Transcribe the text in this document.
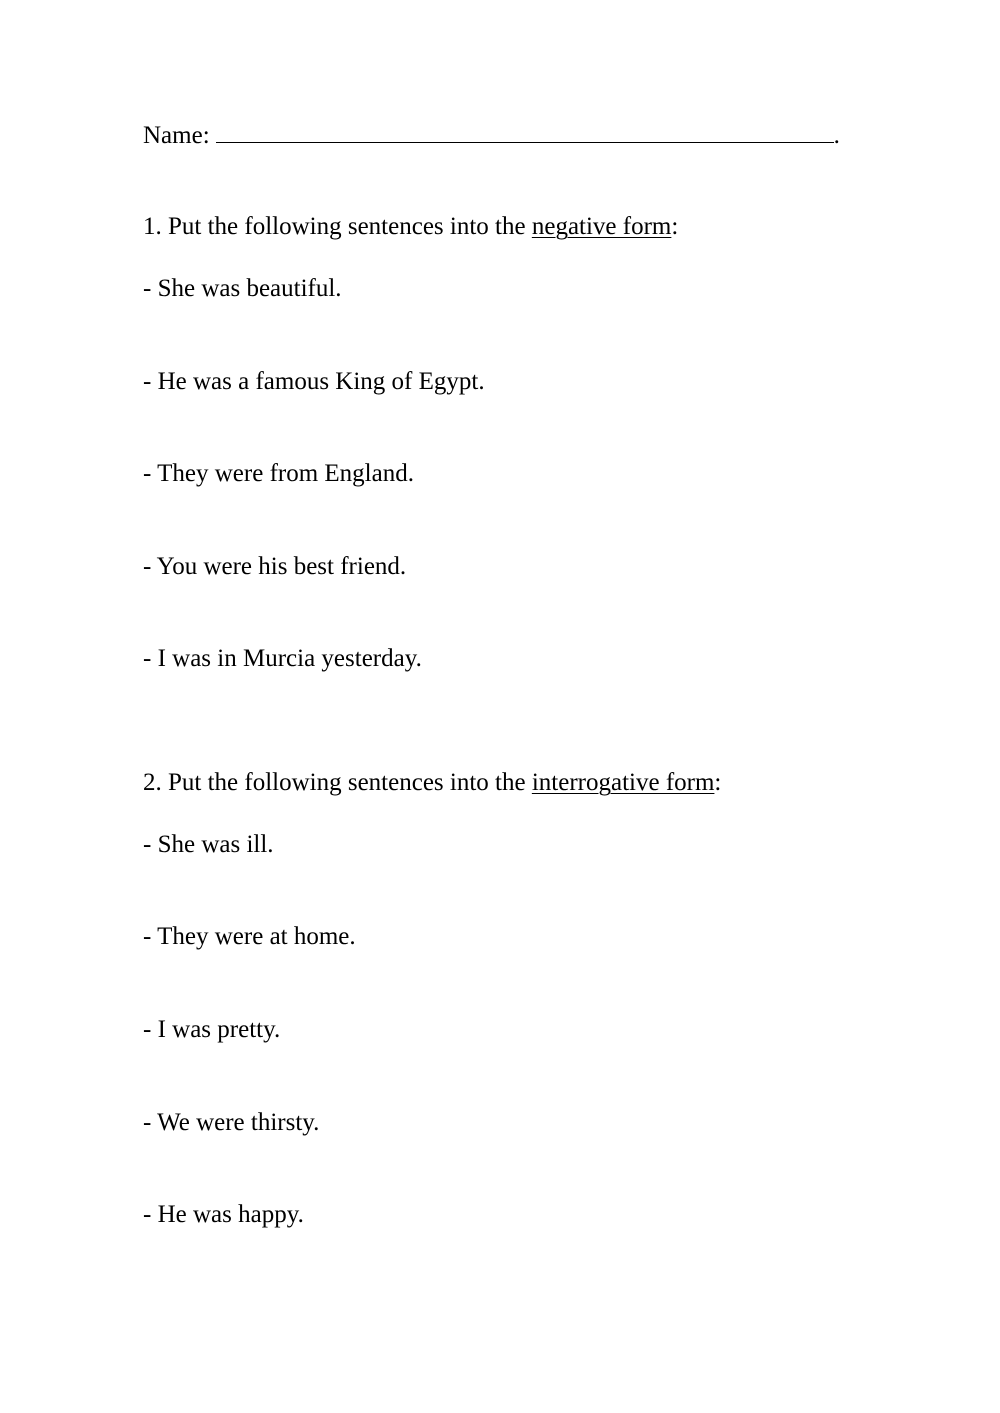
Name:	.
1. Put the following sentences into the negative form:
- She was beautiful.
- He was a famous King of Egypt.
- They were from England.
- You were his best friend.
- I was in Murcia yesterday.
2. Put the following sentences into the interrogative form:
- She was ill.
- They were at home.
- I was pretty.
- We were thirsty.
- He was happy.
